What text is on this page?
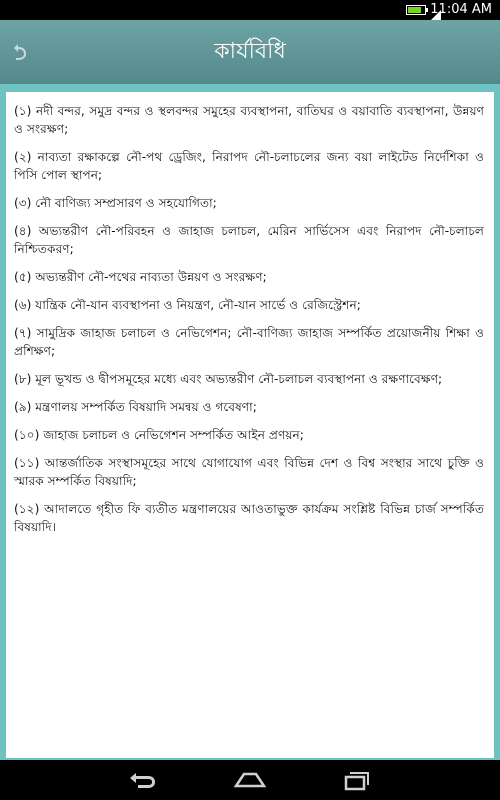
11:04 AM
কার্যবিধি

(১) নদী বন্দর, সমুদ্র বন্দর ও স্থলবন্দর সমুহের ব্যবস্থাপনা, বাতিঘর ও বয়াবাতি ব্যবস্থাপনা, উন্নয়ণ ও সংরক্ষণ;

(২) নাব্যতা রক্ষাকল্পে নৌ-পথ ড্রেজিং, নিরাপদ নৌ-চলাচলের জন্য বয়া লাইটেড নির্দেশিকা ও পিসি পোল স্থাপন;

(৩) নৌ বাণিজ্য সম্প্রসারণ ও সহযোগিতা;

(৪) অভ্যন্তরীণ নৌ-পরিবহন ও জাহাজ চলাচল, মেরিন সার্ভিসেস এবং নিরাপদ নৌ-চলাচল নিশ্চিতকরণ;

(৫) অভ্যন্তরীণ নৌ-পথের নাব্যতা উন্নয়ণ ও সংরক্ষণ;

(৬) যান্ত্রিক নৌ-যান ব্যবস্থাপনা ও নিয়ন্ত্রণ, নৌ-যান সার্ভে ও রেজিস্ট্রেশন;

(৭) সামুদ্রিক জাহাজ চলাচল ও নেভিগেশন; নৌ-বাণিজ্য জাহাজ সম্পর্কিত প্রয়োজনীয় শিক্ষা ও প্রশিক্ষণ;

(৮) মূল ভূখন্ড ও দ্বীপসমূহের মধ্যে এবং অভ্যন্তরীণ নৌ-চলাচল ব্যবস্থাপনা ও রক্ষণাবেক্ষণ;

(৯) মন্ত্রণালয় সম্পর্কিত বিষয়াদি সমন্বয় ও গবেষণা;

(১০) জাহাজ চলাচল ও নেভিগেশন সম্পর্কিত আইন প্রণয়ন;

(১১) আন্তর্জাতিক সংস্থাসমূহের সাথে যোগাযোগ এবং বিভিন্ন দেশ ও বিশ্ব সংস্থার সাথে চুক্তি ও স্মারক সম্পর্কিত বিষয়াদি;

(১২) আদালতে গৃহীত ফি ব্যতীত মন্ত্রণালয়ের আওতাভুক্ত কার্যক্রম সংশ্লিষ্ট বিভিন্ন চার্জ সম্পর্কিত বিষয়াদি।
